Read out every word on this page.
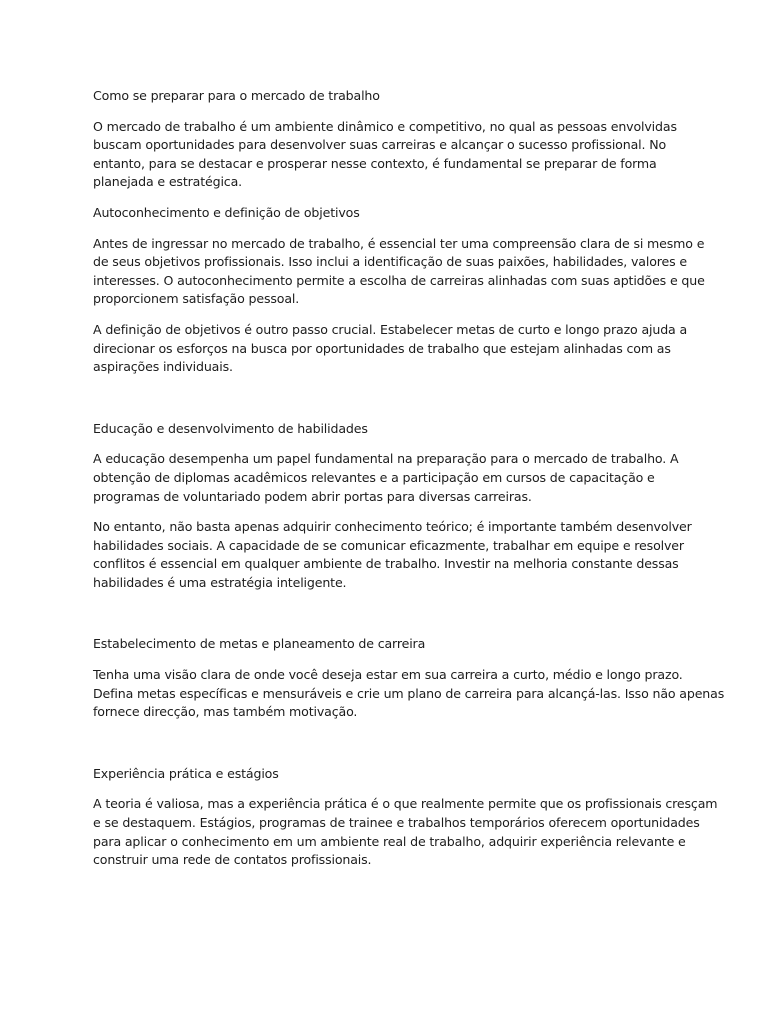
Como se preparar para o mercado de trabalho

O mercado de trabalho é um ambiente dinâmico e competitivo, no qual as pessoas envolvidas
buscam oportunidades para desenvolver suas carreiras e alcançar o sucesso profissional. No
entanto, para se destacar e prosperar nesse contexto, é fundamental se preparar de forma
planejada e estratégica.

Autoconhecimento e definição de objetivos

Antes de ingressar no mercado de trabalho, é essencial ter uma compreensão clara de si mesmo e
de seus objetivos profissionais. Isso inclui a identificação de suas paixões, habilidades, valores e
interesses. O autoconhecimento permite a escolha de carreiras alinhadas com suas aptidões e que
proporcionem satisfação pessoal.

A definição de objetivos é outro passo crucial. Estabelecer metas de curto e longo prazo ajuda a
direcionar os esforços na busca por oportunidades de trabalho que estejam alinhadas com as
aspirações individuais.

Educação e desenvolvimento de habilidades

A educação desempenha um papel fundamental na preparação para o mercado de trabalho. A
obtenção de diplomas acadêmicos relevantes e a participação em cursos de capacitação e
programas de voluntariado podem abrir portas para diversas carreiras.

No entanto, não basta apenas adquirir conhecimento teórico; é importante também desenvolver
habilidades sociais. A capacidade de se comunicar eficazmente, trabalhar em equipe e resolver
conflitos é essencial em qualquer ambiente de trabalho. Investir na melhoria constante dessas
habilidades é uma estratégia inteligente.

Estabelecimento de metas e planeamento de carreira

Tenha uma visão clara de onde você deseja estar em sua carreira a curto, médio e longo prazo.
Defina metas específicas e mensuráveis e crie um plano de carreira para alcançá-las. Isso não apenas
fornece direcção, mas também motivação.

Experiência prática e estágios

A teoria é valiosa, mas a experiência prática é o que realmente permite que os profissionais cresçam
e se destaquem. Estágios, programas de trainee e trabalhos temporários oferecem oportunidades
para aplicar o conhecimento em um ambiente real de trabalho, adquirir experiência relevante e
construir uma rede de contatos profissionais.
